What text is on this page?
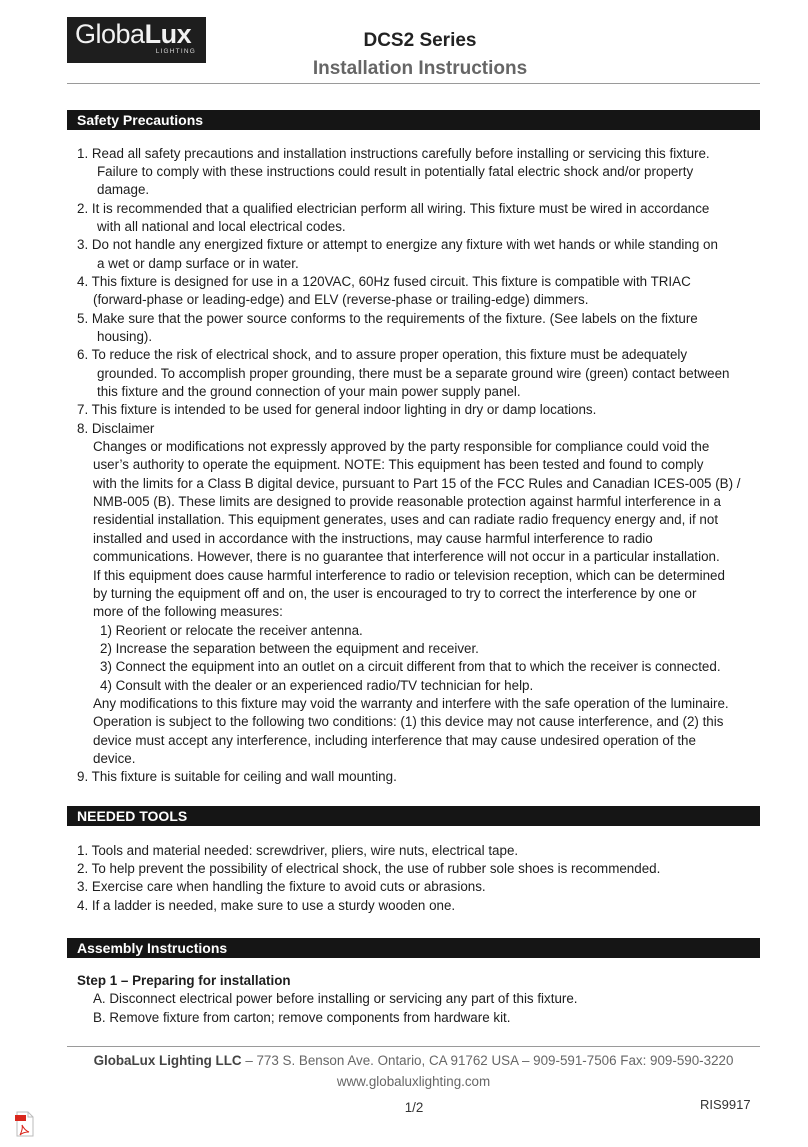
GlobaLux
LIGHTING
DCS2 Series
Installation Instructions
Safety Precautions
1. Read all safety precautions and installation instructions carefully before installing or servicing this fixture.
Failure to comply with these instructions could result in potentially fatal electric shock and/or property
damage.
2. It is recommended that a qualified electrician perform all wiring. This fixture must be wired in accordance
with all national and local electrical codes.
3. Do not handle any energized fixture or attempt to energize any fixture with wet hands or while standing on
a wet or damp surface or in water.
4. This fixture is designed for use in a 120VAC, 60Hz fused circuit. This fixture is compatible with TRIAC
(forward-phase or leading-edge) and ELV (reverse-phase or trailing-edge) dimmers.
5. Make sure that the power source conforms to the requirements of the fixture. (See labels on the fixture
housing).
6. To reduce the risk of electrical shock, and to assure proper operation, this fixture must be adequately
grounded. To accomplish proper grounding, there must be a separate ground wire (green) contact between
this fixture and the ground connection of your main power supply panel.
7. This fixture is intended to be used for general indoor lighting in dry or damp locations.
8. Disclaimer
Changes or modifications not expressly approved by the party responsible for compliance could void the
user’s authority to operate the equipment. NOTE: This equipment has been tested and found to comply
with the limits for a Class B digital device, pursuant to Part 15 of the FCC Rules and Canadian ICES-005 (B) /
NMB-005 (B). These limits are designed to provide reasonable protection against harmful interference in a
residential installation. This equipment generates, uses and can radiate radio frequency energy and, if not
installed and used in accordance with the instructions, may cause harmful interference to radio
communications. However, there is no guarantee that interference will not occur in a particular installation.
If this equipment does cause harmful interference to radio or television reception, which can be determined
by turning the equipment off and on, the user is encouraged to try to correct the interference by one or
more of the following measures:
1) Reorient or relocate the receiver antenna.
2) Increase the separation between the equipment and receiver.
3) Connect the equipment into an outlet on a circuit different from that to which the receiver is connected.
4) Consult with the dealer or an experienced radio/TV technician for help.
Any modifications to this fixture may void the warranty and interfere with the safe operation of the luminaire.
Operation is subject to the following two conditions: (1) this device may not cause interference, and (2) this
device must accept any interference, including interference that may cause undesired operation of the
device.
9. This fixture is suitable for ceiling and wall mounting.
NEEDED TOOLS
1. Tools and material needed: screwdriver, pliers, wire nuts, electrical tape.
2. To help prevent the possibility of electrical shock, the use of rubber sole shoes is recommended.
3. Exercise care when handling the fixture to avoid cuts or abrasions.
4. If a ladder is needed, make sure to use a sturdy wooden one.
Assembly Instructions
Step 1 – Preparing for installation
A. Disconnect electrical power before installing or servicing any part of this fixture.
B. Remove fixture from carton; remove components from hardware kit.
GlobaLux Lighting LLC – 773 S. Benson Ave. Ontario, CA 91762 USA – 909-591-7506 Fax: 909-590-3220
www.globaluxlighting.com
1/2	RIS9917
